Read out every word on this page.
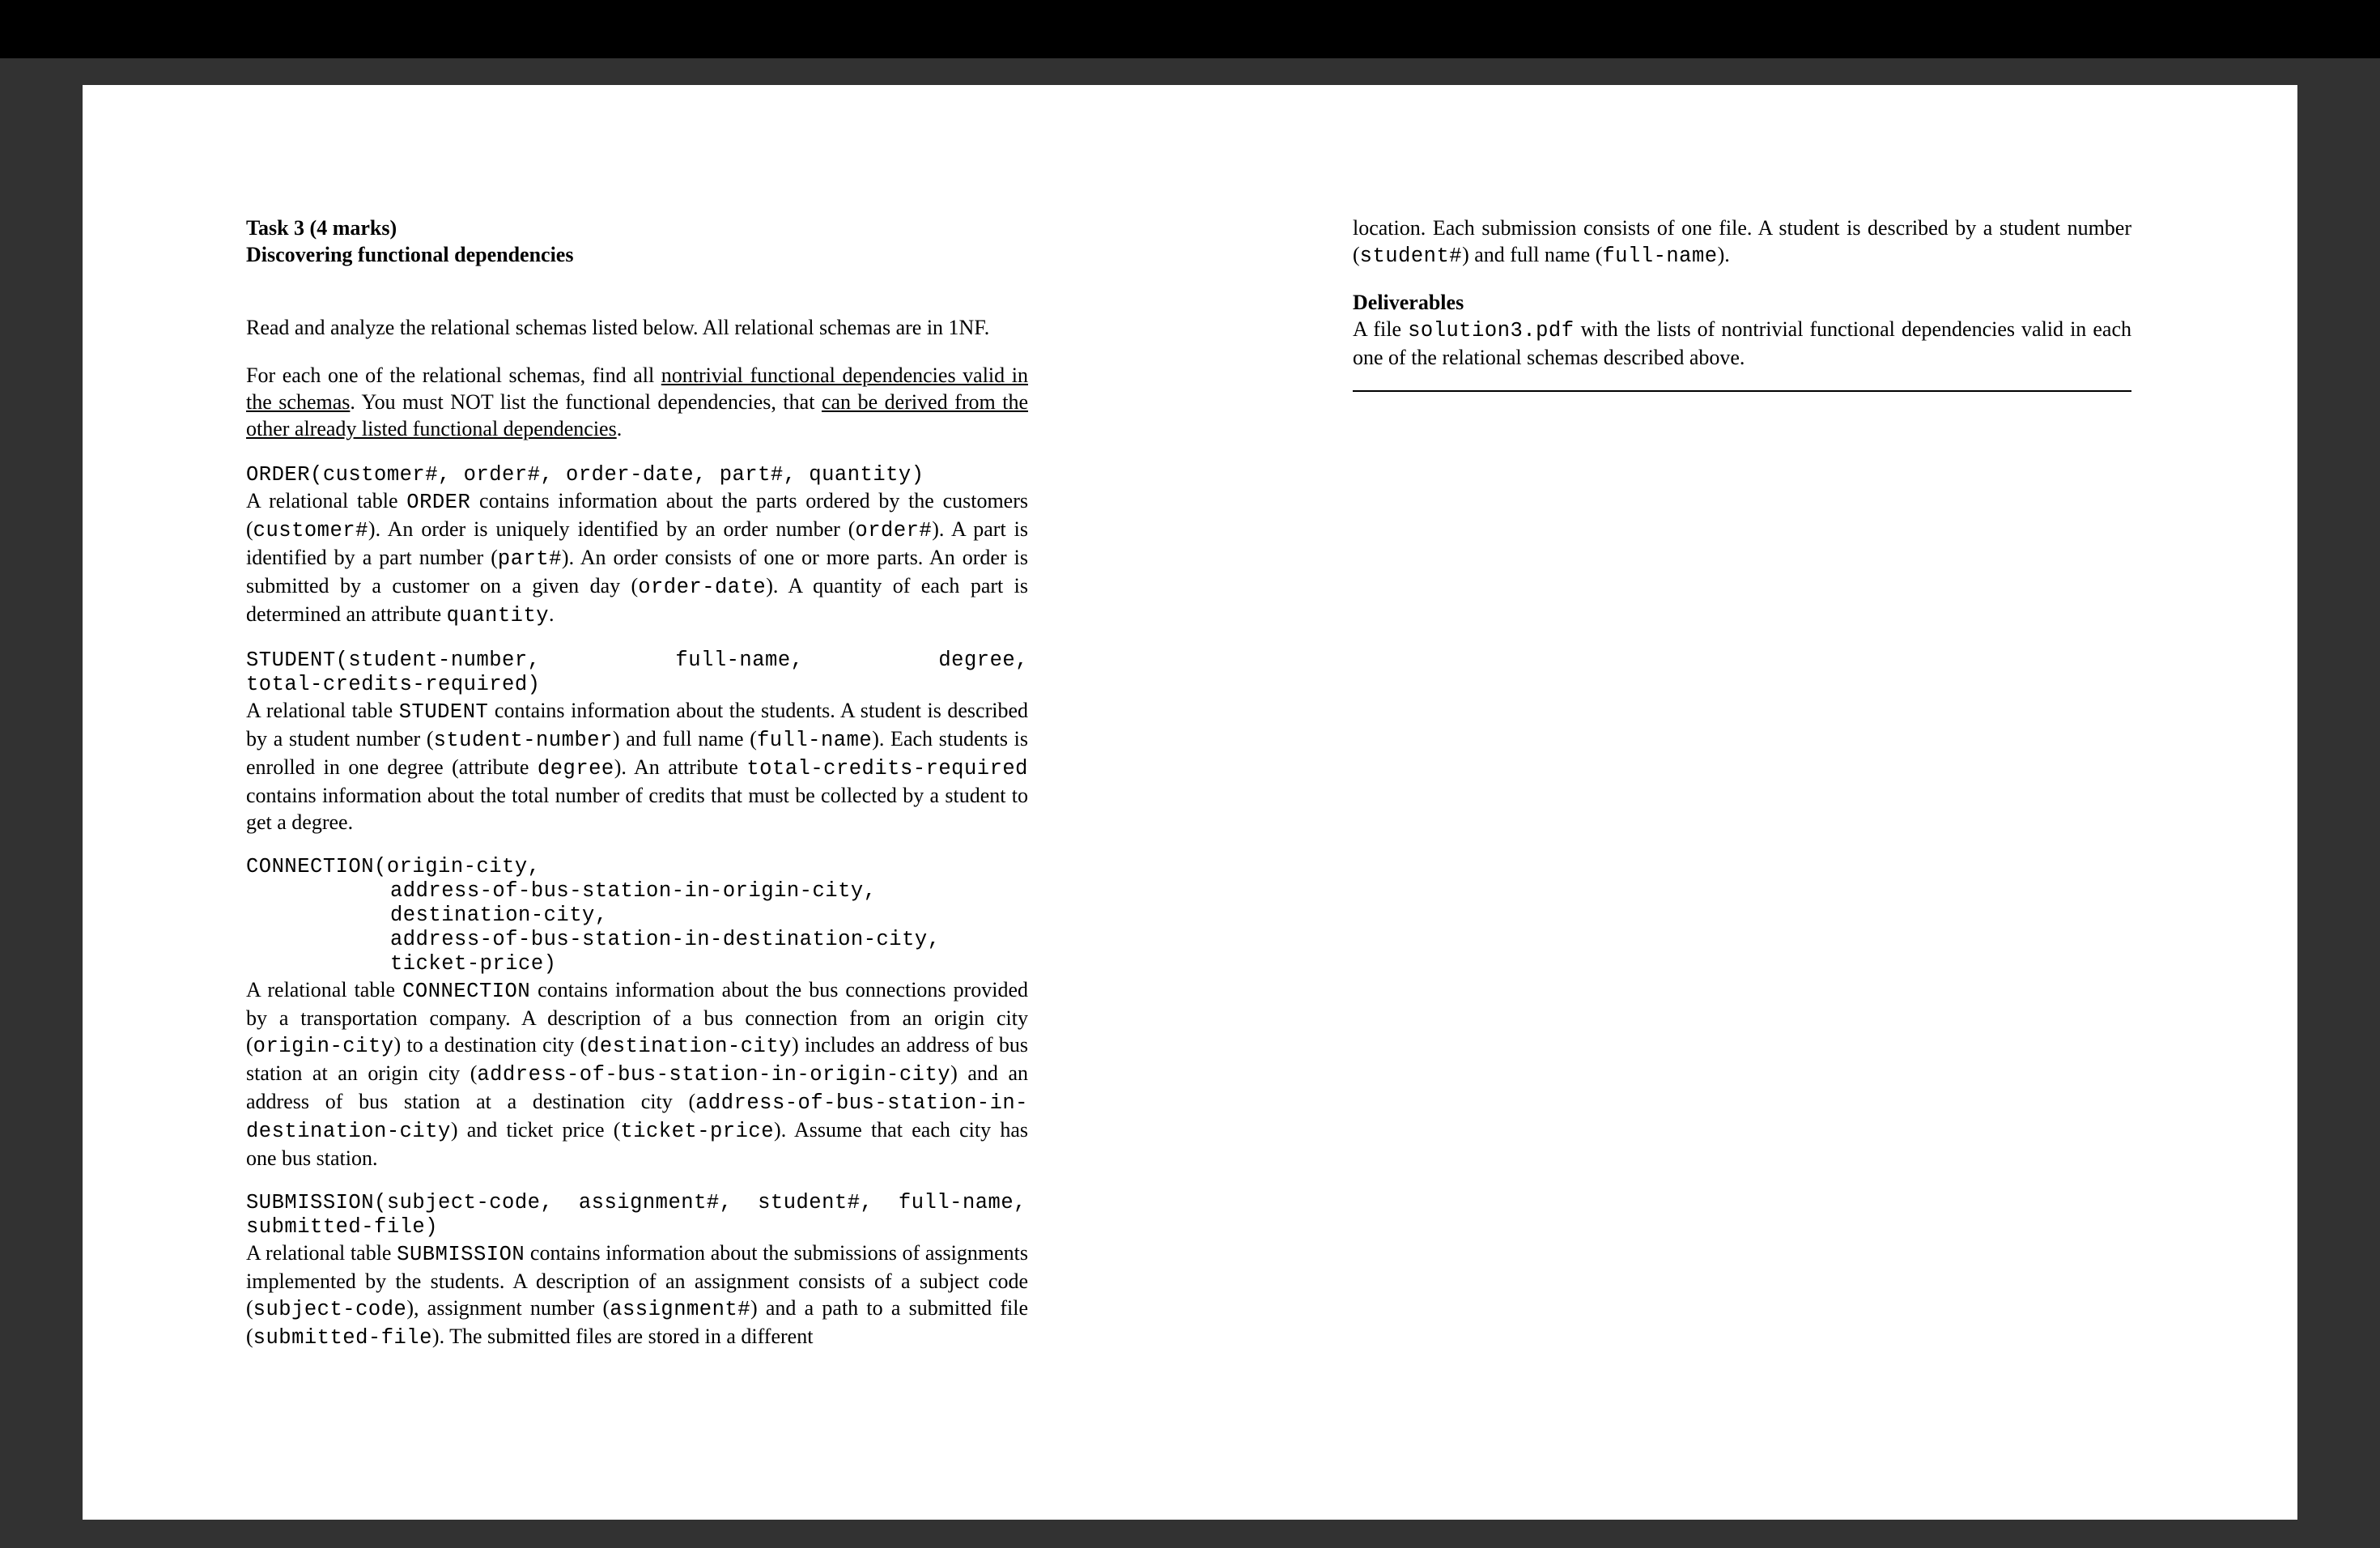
Task 3 (4 marks)

Discovering functional dependencies

Read and analyze the relational schemas listed below. All relational schemas are in 1NF.

For each one of the relational schemas, find all nontrivial functional dependencies valid in the schemas. You must NOT list the functional dependencies, that can be derived from the other already listed functional dependencies.

ORDER(customer#, order#, order-date, part#, quantity)

A relational table ORDER contains information about the parts ordered by the customers (customer#). An order is uniquely identified by an order number (order#). A part is identified by a part number (part#). An order consists of one or more parts. An order is submitted by a customer on a given day (order-date). A quantity of each part is determined an attribute quantity.

STUDENT(student-number,	full-name,	degree,
total-credits-required)

A relational table STUDENT contains information about the students. A student is described by a student number (student-number) and full name (full-name). Each students is enrolled in one degree (attribute degree). An attribute total-credits-required contains information about the total number of credits that must be collected by a student to get a degree.

CONNECTION(origin-city,
address-of-bus-station-in-origin-city,
destination-city,
address-of-bus-station-in-destination-city,
ticket-price)

A relational table CONNECTION contains information about the bus connections provided by a transportation company. A description of a bus connection from an origin city (origin-city) to a destination city (destination-city) includes an address of bus station at an origin city (address-of-bus-station-in-origin-city) and an address of bus station at a destination city (address-of-bus-station-in-destination-city) and ticket price (ticket-price). Assume that each city has one bus station.

SUBMISSION(subject-code,  assignment#,  student#,  full-name,
submitted-file)

A relational table SUBMISSION contains information about the submissions of assignments implemented by the students. A description of an assignment consists of a subject code (subject-code), assignment number (assignment#) and a path to a submitted file (submitted-file). The submitted files are stored in a different

location. Each submission consists of one file. A student is described by a student number (student#) and full name (full-name).

Deliverables

A file solution3.pdf with the lists of nontrivial functional dependencies valid in each one of the relational schemas described above.
